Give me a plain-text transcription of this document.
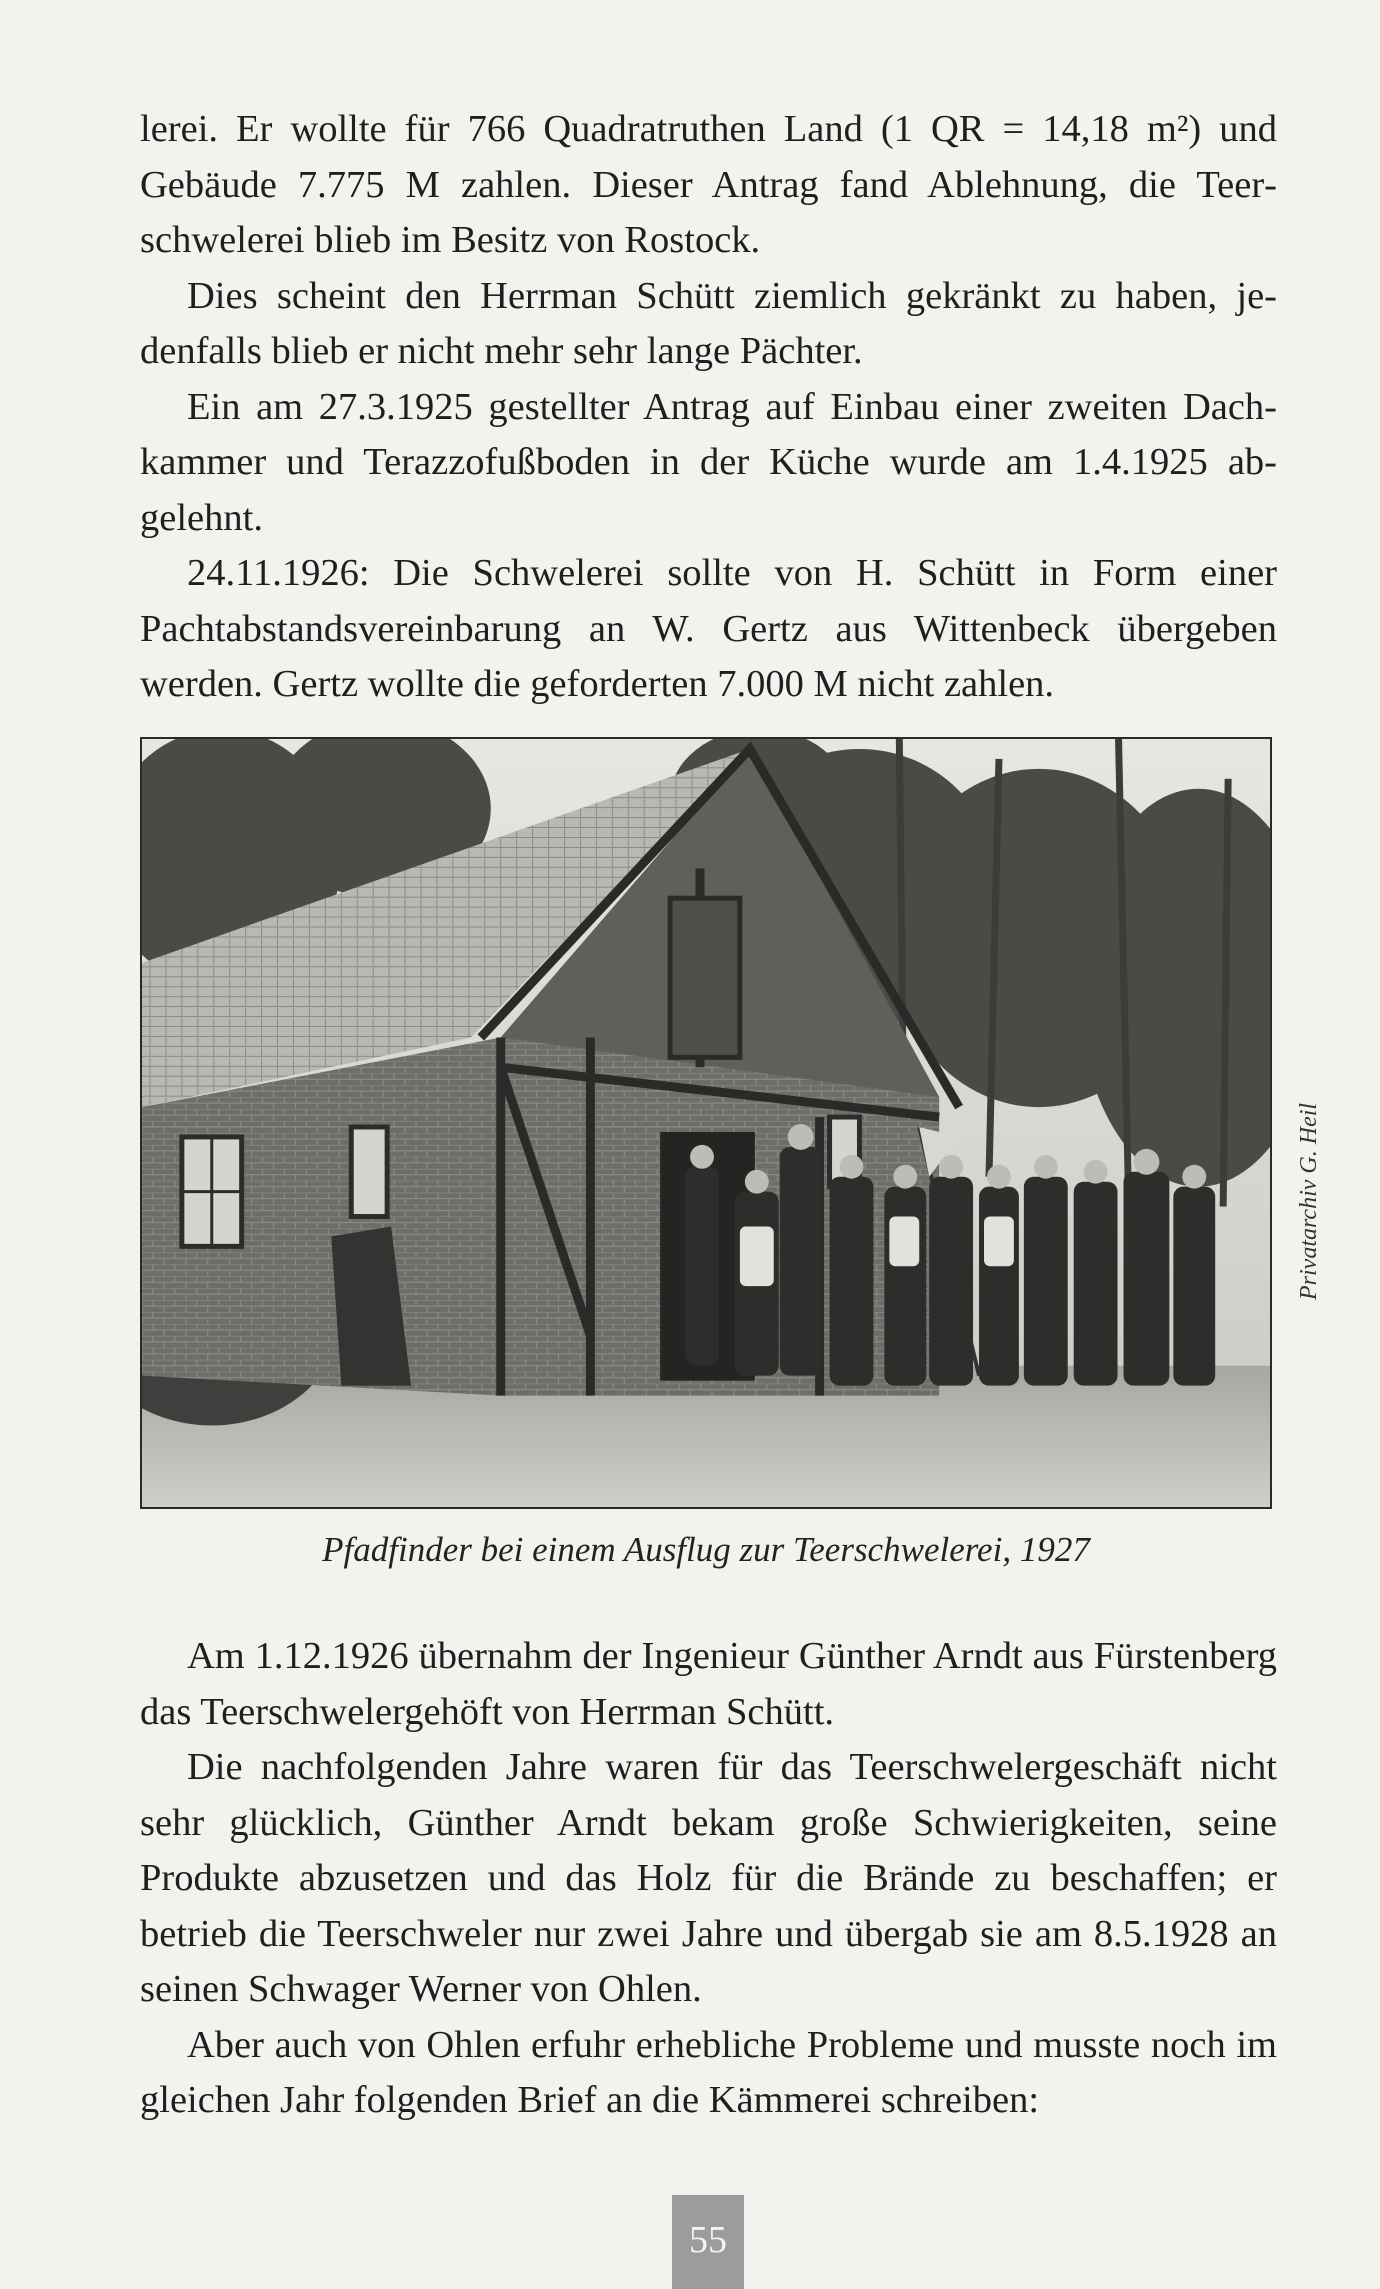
lerei. Er wollte für 766 Quadratruthen Land (1 QR = 14,18 m²) und Gebäude 7.775 M zahlen. Dieser Antrag fand Ablehnung, die Teerschwelerei blieb im Besitz von Rostock.

Dies scheint den Herrman Schütt ziemlich gekränkt zu haben, jedenfalls blieb er nicht mehr sehr lange Pächter.

Ein am 27.3.1925 gestellter Antrag auf Einbau einer zweiten Dachkammer und Terazzofußboden in der Küche wurde am 1.4.1925 abgelehnt.

24.11.1926: Die Schwelerei sollte von H. Schütt in Form einer Pachtabstandsvereinbarung an W. Gertz aus Wittenbeck übergeben werden. Gertz wollte die geforderten 7.000 M nicht zahlen.

Privatarchiv G. Heil
Pfadfinder bei einem Ausflug zur Teerschwelerei, 1927

Am 1.12.1926 übernahm der Ingenieur Günther Arndt aus Fürstenberg das Teerschwelergehöft von Herrman Schütt.

Die nachfolgenden Jahre waren für das Teerschwelergeschäft nicht sehr glücklich, Günther Arndt bekam große Schwierigkeiten, seine Produkte abzusetzen und das Holz für die Brände zu beschaffen; er betrieb die Teerschweler nur zwei Jahre und übergab sie am 8.5.1928 an seinen Schwager Werner von Ohlen.

Aber auch von Ohlen erfuhr erhebliche Probleme und musste noch im gleichen Jahr folgenden Brief an die Kämmerei schreiben:

55
